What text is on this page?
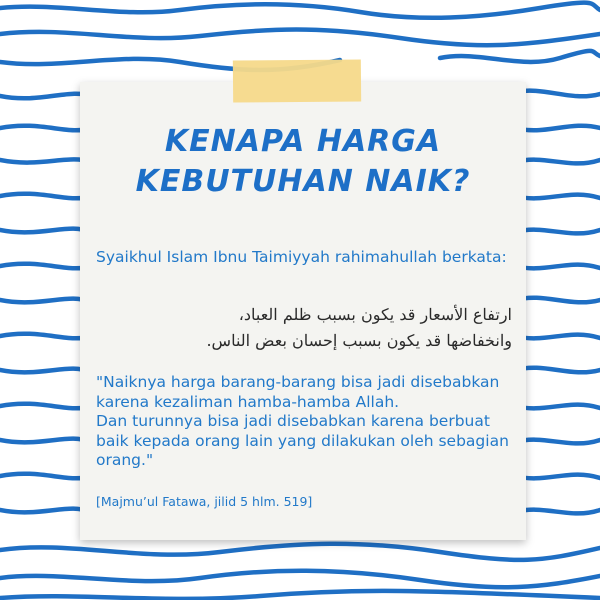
KENAPA HARGA
KEBUTUHAN NAIK?
Syaikhul Islam Ibnu Taimiyyah rahimahullah berkata:
ارتفاع الأسعار قد يكون بسبب ظلم العباد،
وانخفاضها قد يكون بسبب إحسان بعض الناس.
"Naiknya harga barang-barang bisa jadi disebabkan karena kezaliman hamba-hamba Allah.
Dan turunnya bisa jadi disebabkan karena berbuat baik kepada orang lain yang dilakukan oleh sebagian orang."
[Majmu’ul Fatawa, jilid 5 hlm. 519]
